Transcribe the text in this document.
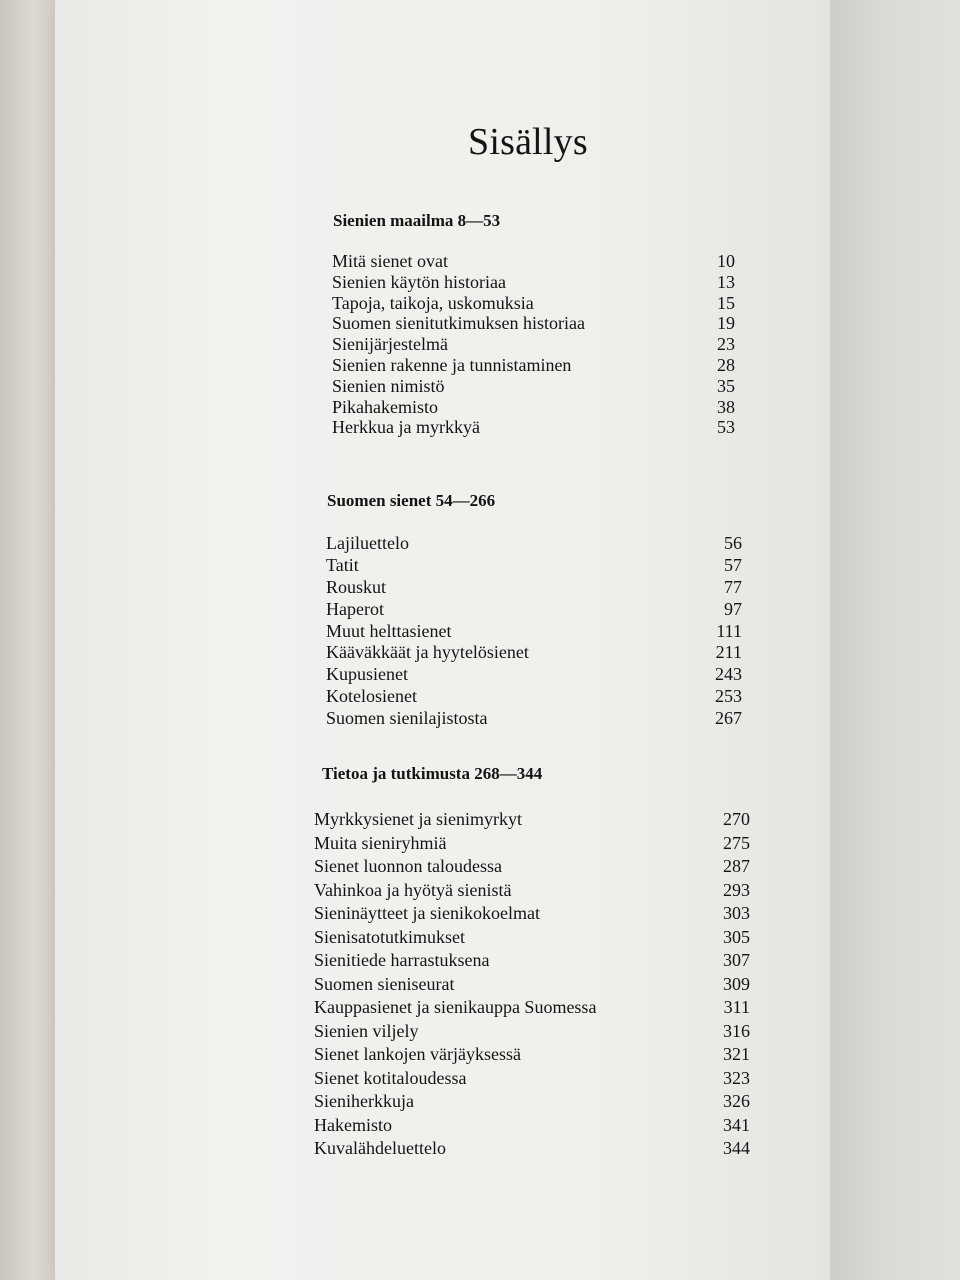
Sisällys
Sienien maailma 8—53
Mitä sienet ovat	10
Sienien käytön historiaa	13
Tapoja, taikoja, uskomuksia	15
Suomen sienitutkimuksen historiaa	19
Sienijärjestelmä	23
Sienien rakenne ja tunnistaminen	28
Sienien nimistö	35
Pikahakemisto	38
Herkkua ja myrkkyä	53
Suomen sienet 54—266
Lajiluettelo	56
Tatit	57
Rouskut	77
Haperot	97
Muut helttasienet	111
Kääväkkäät ja hyytelösienet	211
Kupusienet	243
Kotelosienet	253
Suomen sienilajistosta	267
Tietoa ja tutkimusta 268—344
Myrkkysienet ja sienimyrkyt	270
Muita sieniryhmiä	275
Sienet luonnon taloudessa	287
Vahinkoa ja hyötyä sienistä	293
Sieninäytteet ja sienikokoelmat	303
Sienisatotutkimukset	305
Sienitiede harrastuksena	307
Suomen sieniseurat	309
Kauppasienet ja sienikauppa Suomessa	311
Sienien viljely	316
Sienet lankojen värjäyksessä	321
Sienet kotitaloudessa	323
Sieniherkkuja	326
Hakemisto	341
Kuvalähdeluettelo	344
